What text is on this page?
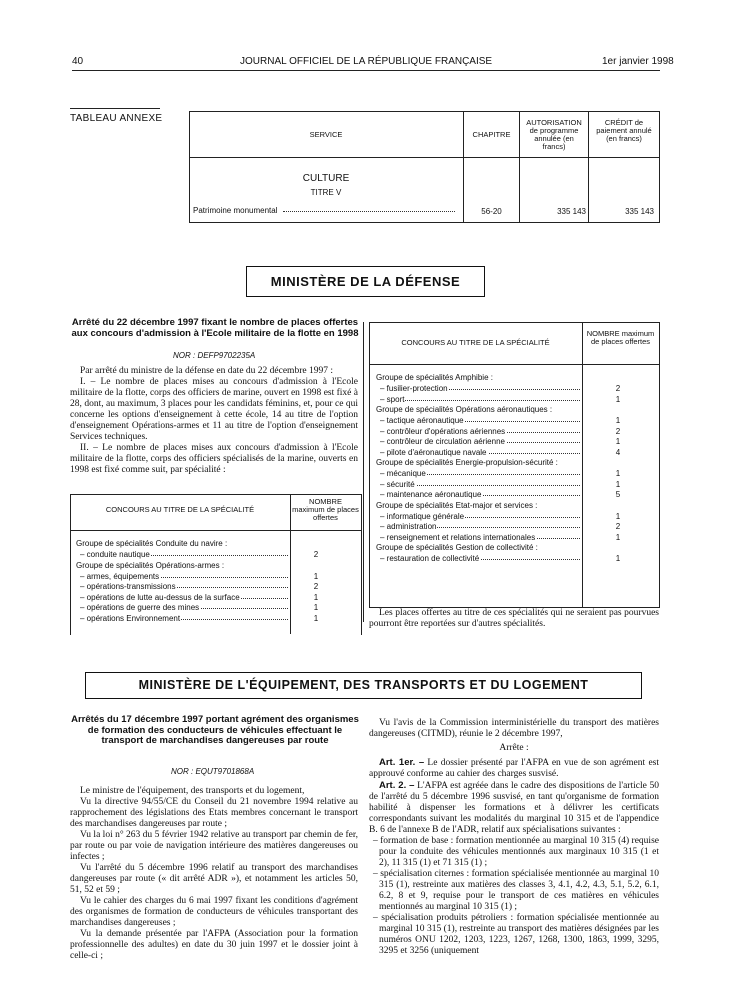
40	JOURNAL OFFICIEL DE LA RÉPUBLIQUE FRANÇAISE	1er janvier 1998
TABLEAU ANNEXE
SERVICE	CHAPITRE
AUTORISATION de programme annulée (en francs)
CRÉDIT de paiement annulé (en francs)
CULTURE
TITRE V
Patrimoine monumental	56-20	335 143	335 143
MINISTÈRE DE LA DÉFENSE
Arrêté du 22 décembre 1997 fixant le nombre de places offertes aux concours d'admission à l'Ecole militaire de la flotte en 1998
NOR : DEFP9702235A

Par arrêté du ministre de la défense en date du 22 décembre 1997 :

I. – Le nombre de places mises au concours d'admission à l'Ecole militaire de la flotte, corps des officiers de marine, ouvert en 1998 est fixé à 28, dont, au maximum, 3 places pour les candidats féminins, et, pour ce qui concerne les options d'enseignement à cette école, 14 au titre de l'option d'enseignement Opérations-armes et 11 au titre de l'option d'enseignement Services techniques.

II. – Le nombre de places mises aux concours d'admission à l'Ecole militaire de la flotte, corps des officiers spécialisés de la marine, ouverts en 1998 est fixé comme suit, par spécialité :

CONCOURS AU TITRE DE LA SPÉCIALITÉ
NOMBRE maximum de places offertes
Groupe de spécialités Conduite du navire :
– conduite nautique	2
Groupe de spécialités Opérations-armes :
– armes, équipements	1
– opérations-transmissions	2
– opérations de lutte au-dessus de la surface	1
– opérations de guerre des mines	1
– opérations Environnement	1
CONCOURS AU TITRE DE LA SPÉCIALITÉ
NOMBRE maximum de places offertes
Groupe de spécialités Amphibie :
– fusilier-protection	2
– sport	1
Groupe de spécialités Opérations aéronautiques :
– tactique aéronautique	1
– contrôleur d'opérations aériennes	2
– contrôleur de circulation aérienne	1
– pilote d'aéronautique navale	4
Groupe de spécialités Energie-propulsion-sécurité :
– mécanique	1
– sécurité	1
– maintenance aéronautique	5
Groupe de spécialités Etat-major et services :
– informatique générale	1
– administration	2
– renseignement et relations internationales	1
Groupe de spécialités Gestion de collectivité :
– restauration de collectivité	1

Les places offertes au titre de ces spécialités qui ne seraient pas pourvues pourront être reportées sur d'autres spécialités.

MINISTÈRE DE L'ÉQUIPEMENT, DES TRANSPORTS ET DU LOGEMENT
Arrêtés du 17 décembre 1997 portant agrément des organismes de formation des conducteurs de véhicules effectuant le transport de marchandises dangereuses par route
NOR : EQUT9701868A

Le ministre de l'équipement, des transports et du logement,

Vu la directive 94/55/CE du Conseil du 21 novembre 1994 relative au rapprochement des législations des Etats membres concernant le transport des marchandises dangereuses par route ;

Vu la loi n° 263 du 5 février 1942 relative au transport par chemin de fer, par route ou par voie de navigation intérieure des matières dangereuses ou infectes ;

Vu l'arrêté du 5 décembre 1996 relatif au transport des marchandises dangereuses par route (« dit arrêté ADR »), et notamment les articles 50, 51, 52 et 59 ;

Vu le cahier des charges du 6 mai 1997 fixant les conditions d'agrément des organismes de formation de conducteurs de véhicules transportant des marchandises dangereuses ;

Vu la demande présentée par l'AFPA (Association pour la formation professionnelle des adultes) en date du 30 juin 1997 et le dossier joint à celle-ci ;

Vu l'avis de la Commission interministérielle du transport des matières dangereuses (CITMD), réunie le 2 décembre 1997,

Arrête :

Art. 1er. – Le dossier présenté par l'AFPA en vue de son agrément est approuvé conforme au cahier des charges susvisé.

Art. 2. – L'AFPA est agréée dans le cadre des dispositions de l'article 50 de l'arrêté du 5 décembre 1996 susvisé, en tant qu'organisme de formation habilité à dispenser les formations et à délivrer les certificats correspondants suivant les modalités du marginal 10 315 et de l'appendice B. 6 de l'annexe B de l'ADR, relatif aux spécialisations suivantes :

– formation de base : formation mentionnée au marginal 10 315 (4) requise pour la conduite des véhicules mentionnés aux marginaux 10 315 (1 et 2), 11 315 (1) et 71 315 (1) ;

– spécialisation citernes : formation spécialisée mentionnée au marginal 10 315 (1), restreinte aux matières des classes 3, 4.1, 4.2, 4.3, 5.1, 5.2, 6.1, 6.2, 8 et 9, requise pour le transport de ces matières en véhicules mentionnés au marginal 10 315 (1) ;

– spécialisation produits pétroliers : formation spécialisée mentionnée au marginal 10 315 (1), restreinte au transport des matières désignées par les numéros ONU 1202, 1203, 1223, 1267, 1268, 1300, 1863, 1999, 3295, 3295 et 3256 (uniquement
